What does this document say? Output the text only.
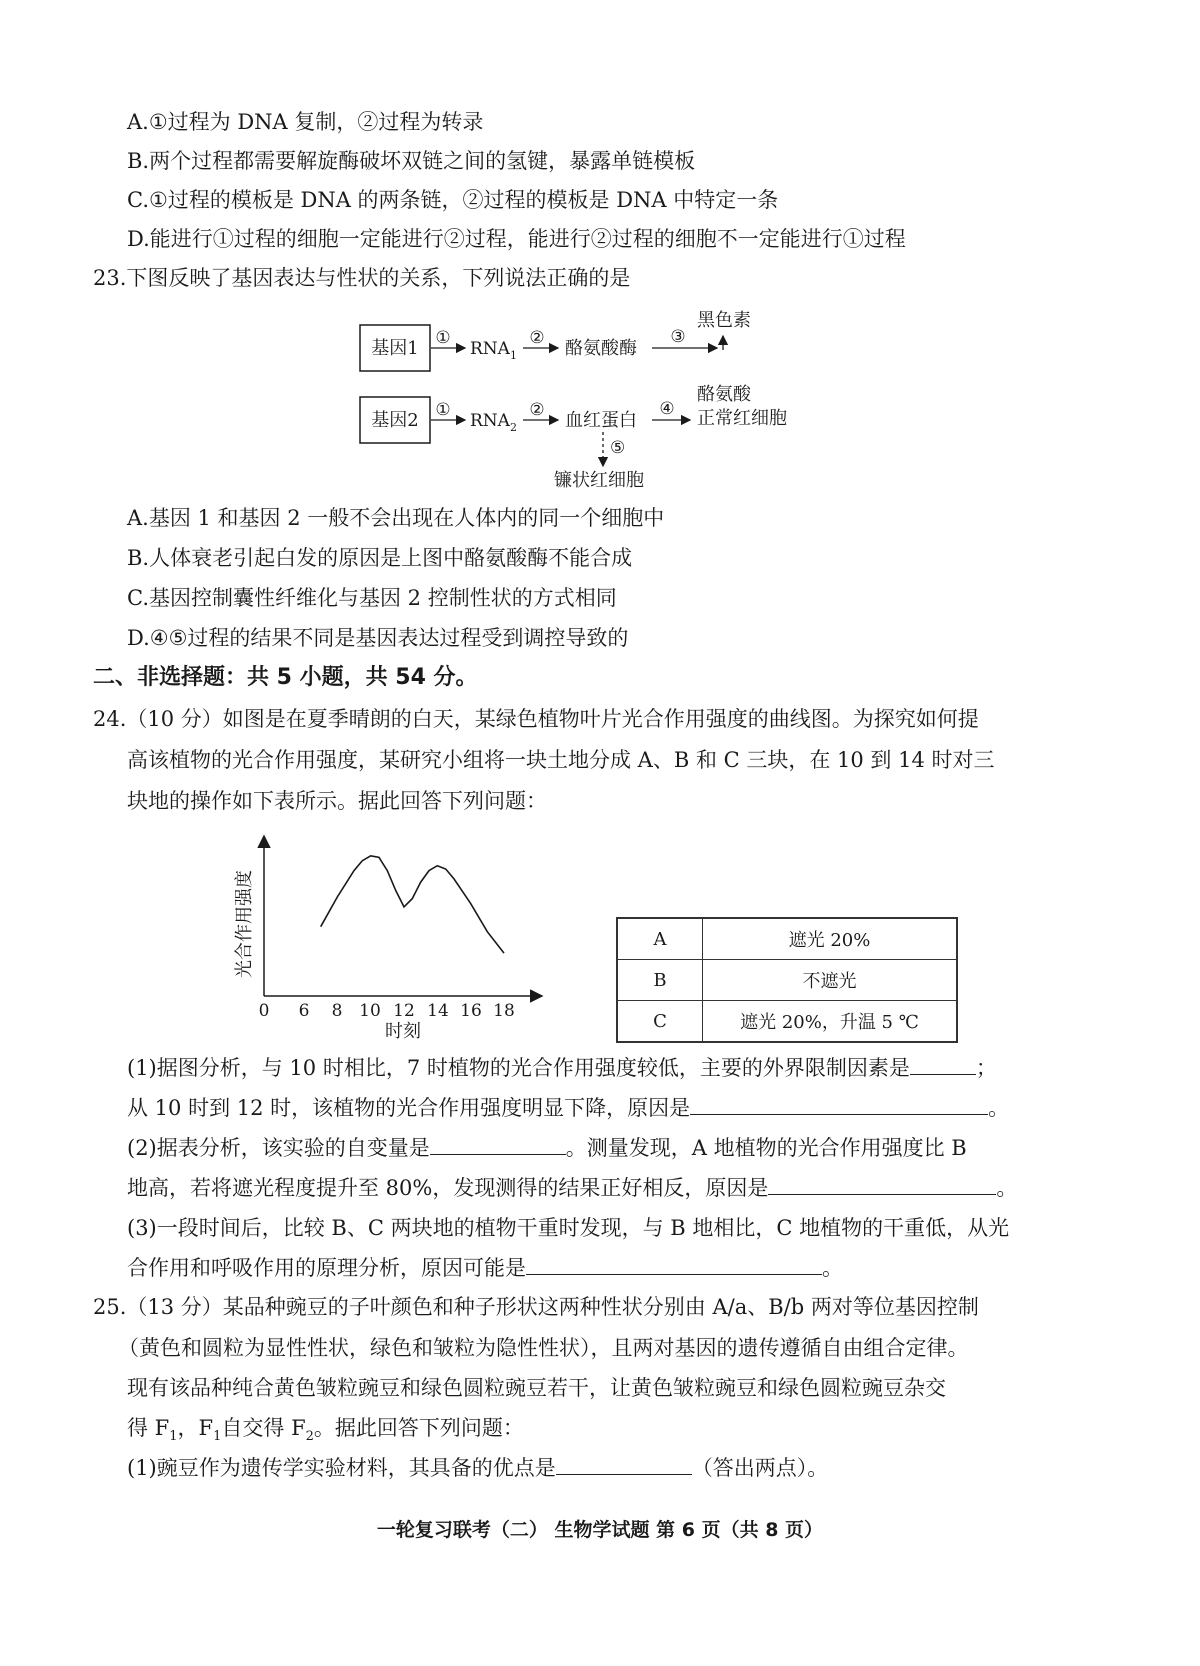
A.①过程为 DNA 复制，②过程为转录
B.两个过程都需要解旋酶破坏双链之间的氢键，暴露单链模板
C.①过程的模板是 DNA 的两条链，②过程的模板是 DNA 中特定一条
D.能进行①过程的细胞一定能进行②过程，能进行②过程的细胞不一定能进行①过程
23.下图反映了基因表达与性状的关系，下列说法正确的是
基因1 ①
$RNA_1$
② 酪氨酸酶
③
黑色素
基因2 ①
$RNA_2$
② 血红蛋白
④
酪氨酸
正常红细胞
⑤
镰状红细胞
A.基因 1 和基因 2 一般不会出现在人体内的同一个细胞中
B.人体衰老引起白发的原因是上图中酪氨酸酶不能合成
C.基因控制囊性纤维化与基因 2 控制性状的方式相同
D.④⑤过程的结果不同是基因表达过程受到调控导致的
二、非选择题：共 5 小题，共 54 分。
24.（10 分）如图是在夏季晴朗的白天，某绿色植物叶片光合作用强度的曲线图。为探究如何提
高该植物的光合作用强度，某研究小组将一块土地分成 A、B 和 C 三块，在 10 到 14 时对三
块地的操作如下表所示。据此回答下列问题：
光合作用强度
时刻
0 6 8 10 12 14 16 18
A	遮光 20%
B	不遮光
C	遮光 20%，升温 5 ℃
(1)据图分析，与 10 时相比，7 时植物的光合作用强度较低，主要的外界限制因素是	；
从 10 时到 12 时，该植物的光合作用强度明显下降，原因是	。
(2)据表分析，该实验的自变量是	。测量发现，A 地植物的光合作用强度比 B
地高，若将遮光程度提升至 80%，发现测得的结果正好相反，原因是	。
(3)一段时间后，比较 B、C 两块地的植物干重时发现，与 B 地相比，C 地植物的干重低，从光
合作用和呼吸作用的原理分析，原因可能是	。
25.（13 分）某品种豌豆的子叶颜色和种子形状这两种性状分别由 A/a、B/b 两对等位基因控制
（黄色和圆粒为显性性状，绿色和皱粒为隐性性状），且两对基因的遗传遵循自由组合定律。
现有该品种纯合黄色皱粒豌豆和绿色圆粒豌豆若干，让黄色皱粒豌豆和绿色圆粒豌豆杂交
得 $F_1$，$F_1$自交得 $F_2$。据此回答下列问题：
(1)豌豆作为遗传学实验材料，其具备的优点是	（答出两点）。
一轮复习联考（二） 生物学试题 第 6 页（共 8 页）
